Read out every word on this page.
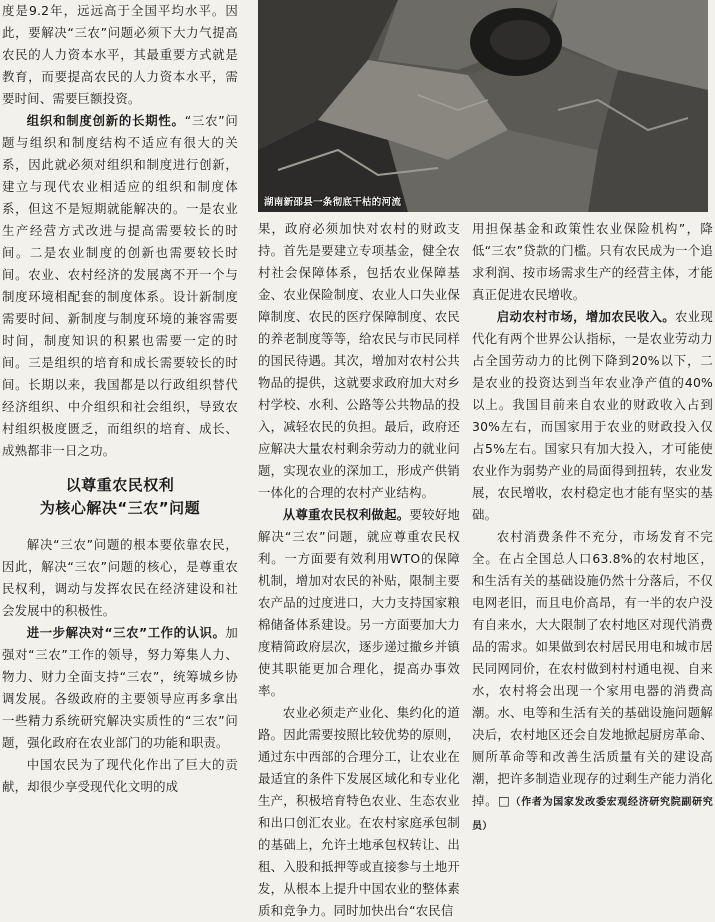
湖南新邵县一条彻底干枯的河流

度是9.2年，远远高于全国平均水平。因此，要解决“三农”问题必须下大力气提高农民的人力资本水平，其最重要方式就是教育，而要提高农民的人力资本水平，需要时间、需要巨额投资。

组织和制度创新的长期性。“三农”问题与组织和制度结构不适应有很大的关系，因此就必须对组织和制度进行创新，建立与现代农业相适应的组织和制度体系，但这不是短期就能解决的。一是农业生产经营方式改进与提高需要较长的时间。二是农业制度的创新也需要较长时间。农业、农村经济的发展离不开一个与制度环境相配套的制度体系。设计新制度需要时间、新制度与制度环境的兼容需要时间，制度知识的积累也需要一定的时间。三是组织的培育和成长需要较长的时间。长期以来，我国都是以行政组织替代经济组织、中介组织和社会组织，导致农村组织极度匮乏，而组织的培育、成长、成熟都非一日之功。

以尊重农民权利
为核心解决“三农”问题

解决“三农”问题的根本要依靠农民，因此，解决“三农”问题的核心，是尊重农民权利，调动与发挥农民在经济建设和社会发展中的积极性。

进一步解决对“三农”工作的认识。加强对“三农”工作的领导，努力筹集人力、物力、财力全面支持“三农”，统筹城乡协调发展。各级政府的主要领导应再多拿出一些精力系统研究解决实质性的“三农”问题，强化政府在农业部门的功能和职责。

中国农民为了现代化作出了巨大的贡献，却很少享受现代化文明的成

果，政府必须加快对农村的财政支持。首先是要建立专项基金，健全农村社会保障体系，包括农业保障基金、农业保险制度、农业人口失业保障制度、农民的医疗保障制度、农民的养老制度等等，给农民与市民同样的国民待遇。其次，增加对农村公共物品的提供，这就要求政府加大对乡村学校、水利、公路等公共物品的投入，减轻农民的负担。最后，政府还应解决大量农村剩余劳动力的就业问题，实现农业的深加工，形成产供销一体化的合理的农村产业结构。

从尊重农民权利做起。要较好地解决“三农”问题，就应尊重农民权利。一方面要有效利用WTO的保障机制，增加对农民的补贴，限制主要农产品的过度进口，大力支持国家粮棉储备体系建设。另一方面要加大力度精简政府层次，逐步递过撤乡并镇使其职能更加合理化，提高办事效率。

农业必须走产业化、集约化的道路。因此需要按照比较优势的原则，通过东中西部的合理分工，让农业在最适宜的条件下发展区域化和专业化生产，积极培育特色农业、生态农业和出口创汇农业。在农村家庭承包制的基础上，允许土地承包权转让、出租、入股和抵押等或直接参与土地开发，从根本上提升中国农业的整体素质和竞争力。同时加快出台“农民信

用担保基金和政策性农业保险机构”，降低“三农”贷款的门槛。只有农民成为一个追求利润、按市场需求生产的经营主体，才能真正促进农民增收。

启动农村市场，增加农民收入。农业现代化有两个世界公认指标，一是农业劳动力占全国劳动力的比例下降到20%以下，二是农业的投资达到当年农业净产值的40%以上。我国目前来自农业的财政收入占到30%左右，而国家用于农业的财政投入仅占5%左右。国家只有加大投入，才可能使农业作为弱势产业的局面得到扭转，农业发展，农民增收，农村稳定也才能有坚实的基础。

农村消费条件不充分，市场发育不完全。在占全国总人口63.8%的农村地区，和生活有关的基础设施仍然十分落后，不仅电网老旧，而且电价高昂，有一半的农户没有自来水，大大限制了农村地区对现代消费品的需求。如果做到农村居民用电和城市居民同网同价，在农村做到村村通电视、自来水，农村将会出现一个家用电器的消费高潮。水、电等和生活有关的基础设施问题解决后，农村地区还会自发地掀起厨房革命、厕所革命等和改善生活质量有关的建设高潮，把许多制造业现存的过剩生产能力消化掉。□（作者为国家发改委宏观经济研究院副研究员）
